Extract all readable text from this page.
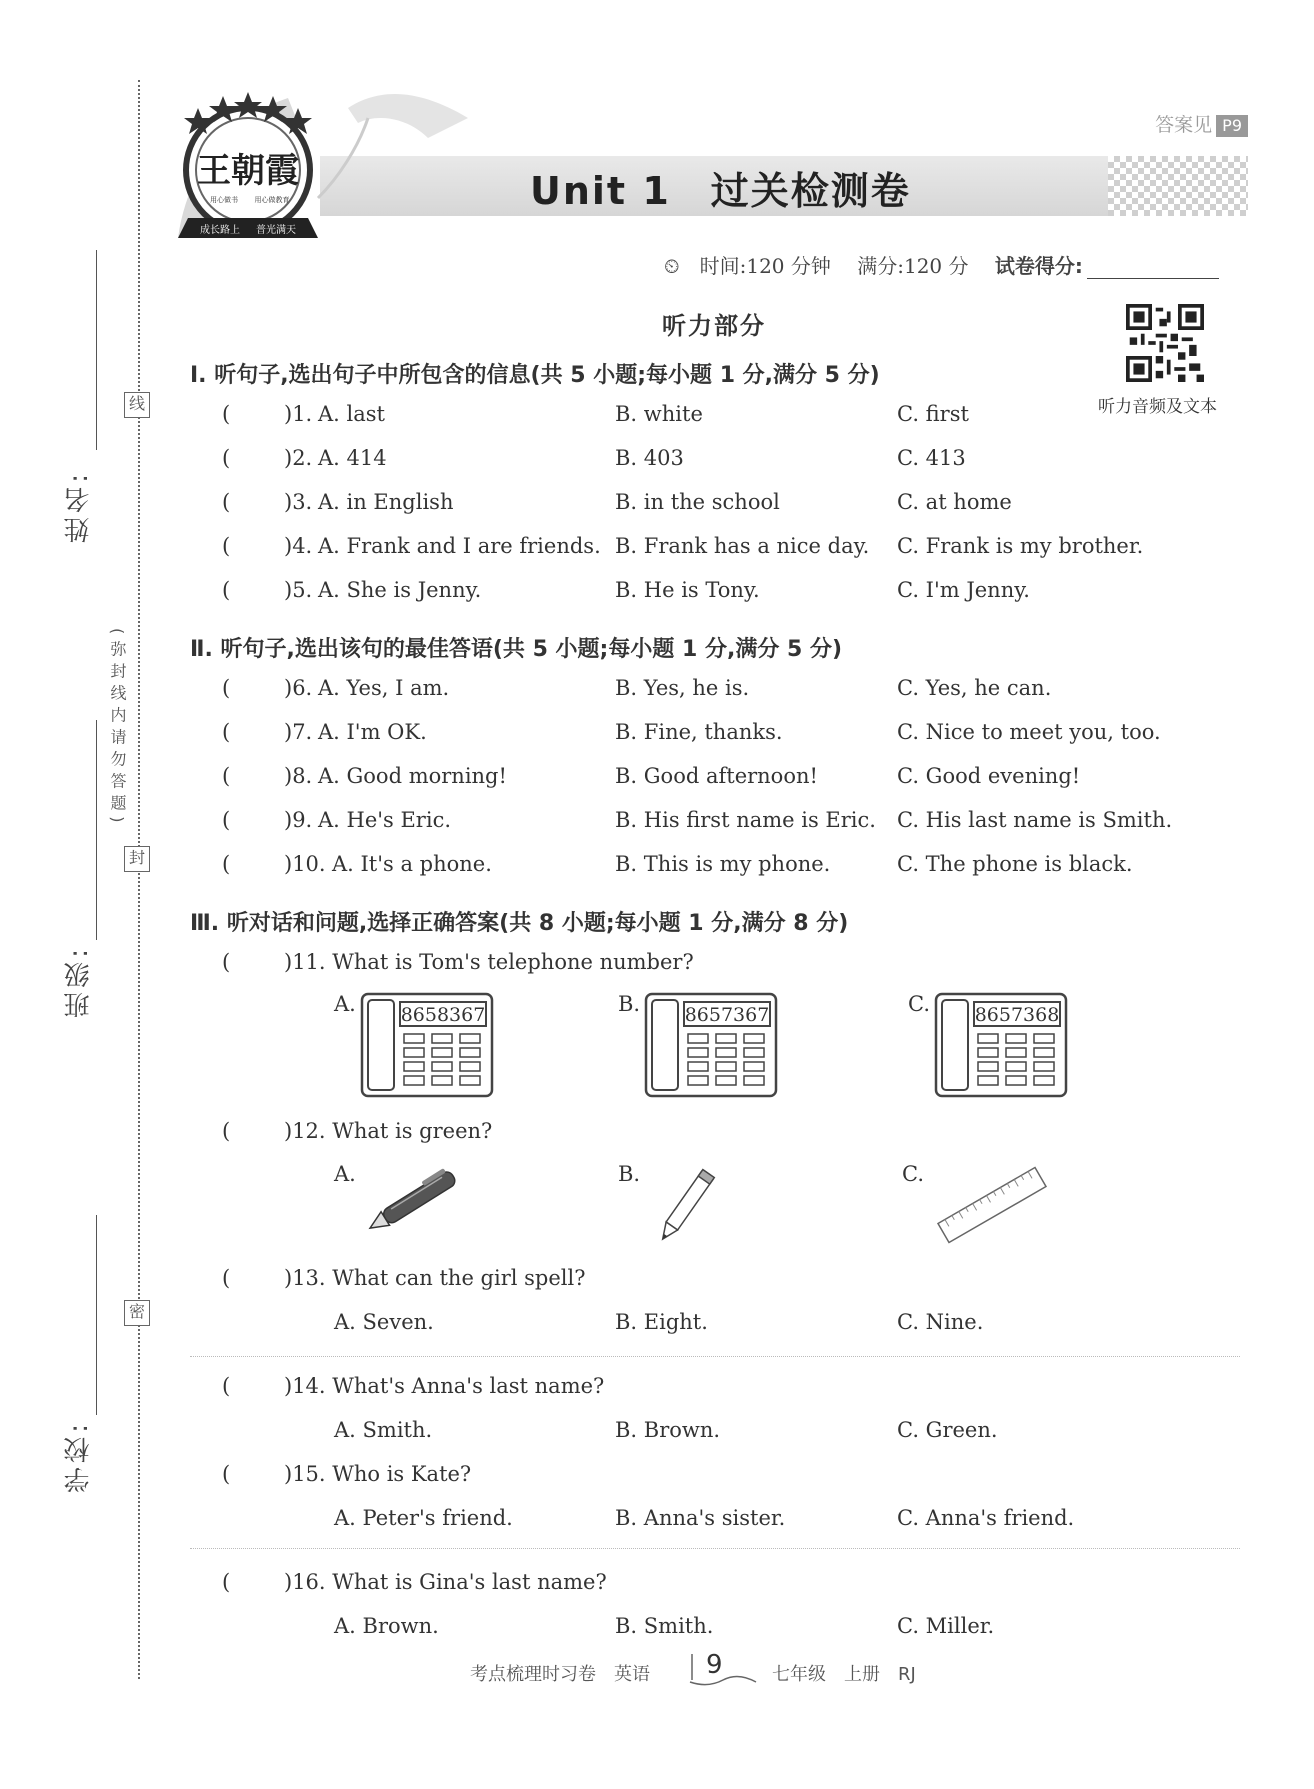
姓名:
班级:
学校:
线
封
密
(弥封线内请勿答题)
王朝霞
用心做书 用心做教育
成长路上 普光满天
答案见 P9
Unit 1 过关检测卷
⏲ 时间:120 分钟 满分:120 分 试卷得分:
听力音频及文本
听力部分
Ⅰ. 听句子,选出句子中所包含的信息(共 5 小题;每小题 1 分,满分 5 分)
(	)1. A. last	B. white	C. first
(	)2. A. 414	B. 403	C. 413
(	)3. A. in English	B. in the school	C. at home
(	)4. A. Frank and I are friends. B. Frank has a nice day. C. Frank is my brother.
(	)5. A. She is Jenny.	B. He is Tony.	C. I'm Jenny.
Ⅱ. 听句子,选出该句的最佳答语(共 5 小题;每小题 1 分,满分 5 分)
(	)6. A. Yes, I am.	B. Yes, he is.	C. Yes, he can.
(	)7. A. I'm OK.	B. Fine, thanks.	C. Nice to meet you, too.
(	)8. A. Good morning!	B. Good afternoon!	C. Good evening!
(	)9. A. He's Eric.	B. His first name is Eric. C. His last name is Smith.
(	)10. A. It's a phone.	B. This is my phone.	C. The phone is black.
Ⅲ. 听对话和问题,选择正确答案(共 8 小题;每小题 1 分,满分 8 分)
(	)11. What is Tom's telephone number?
A. 8658367	B. 8657367	C. 8657368
(	)12. What is green?
A.	B.	C.
(	)13. What can the girl spell?
A. Seven.	B. Eight.	C. Nine.
(	)14. What's Anna's last name?
A. Smith.	B. Brown.	C. Green.
(	)15. Who is Kate?
A. Peter's friend.	B. Anna's sister.	C. Anna's friend.
(	)16. What is Gina's last name?
A. Brown.	B. Smith.	C. Miller.
考点梳理时习卷 英语	9	七年级 上册 RJ
